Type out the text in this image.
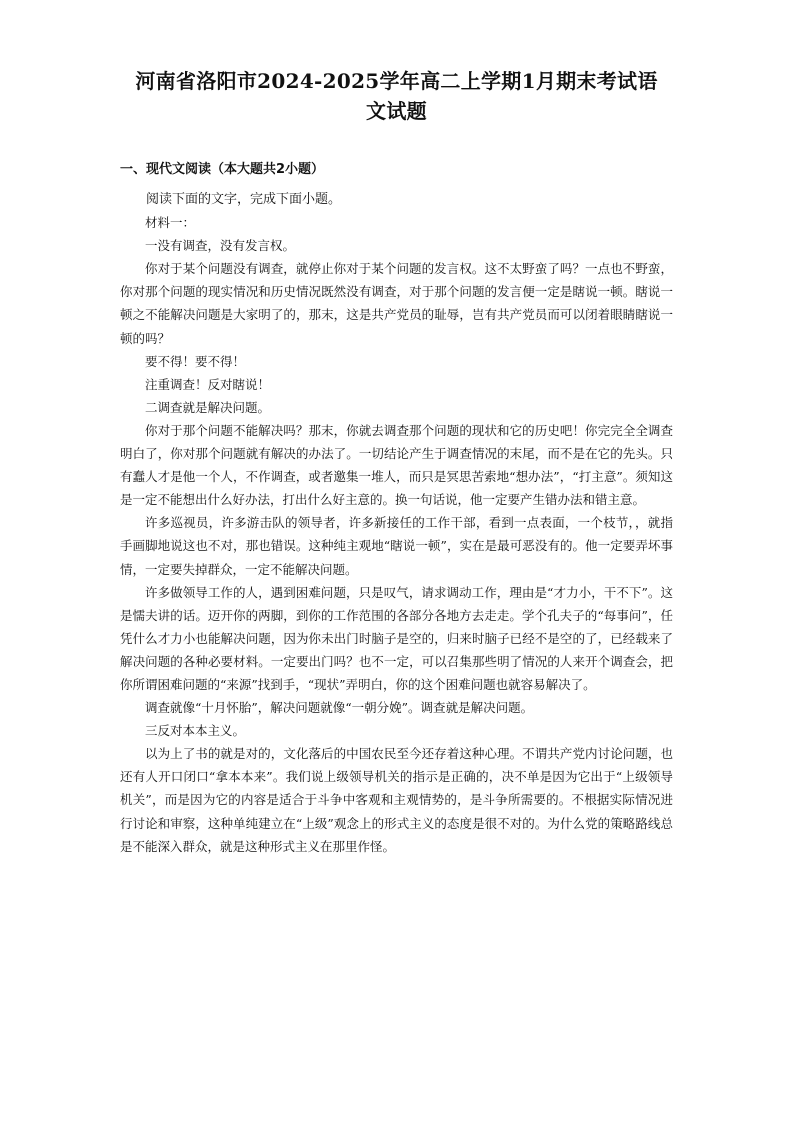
河南省洛阳市2024-2025学年高二上学期1月期末考试语
文试题
一、现代文阅读（本大题共2小题）

阅读下面的文字，完成下面小题。

材料一：

一没有调查，没有发言权。

你对于某个问题没有调查，就停止你对于某个问题的发言权。这不太野蛮了吗？一点也不野蛮，你对那个问题的现实情况和历史情况既然没有调查，对于那个问题的发言便一定是瞎说一顿。瞎说一顿之不能解决问题是大家明了的，那末，这是共产党员的耻辱，岂有共产党员而可以闭着眼睛瞎说一顿的吗？

要不得！要不得！

注重调查！反对瞎说！

二调查就是解决问题。

你对于那个问题不能解决吗？那末，你就去调查那个问题的现状和它的历史吧！你完完全全调查明白了，你对那个问题就有解决的办法了。一切结论产生于调查情况的末尾，而不是在它的先头。只有蠢人才是他一个人，不作调查，或者邀集一堆人，而只是冥思苦索地“想办法”，“打主意”。须知这是一定不能想出什么好办法，打出什么好主意的。换一句话说，他一定要产生错办法和错主意。

许多巡视员，许多游击队的领导者，许多新接任的工作干部，看到一点表面，一个枝节，，就指手画脚地说这也不对，那也错误。这种纯主观地“瞎说一顿”，实在是最可恶没有的。他一定要弄坏事情，一定要失掉群众，一定不能解决问题。

许多做领导工作的人，遇到困难问题，只是叹气，请求调动工作，理由是“才力小，干不下”。这是懦夫讲的话。迈开你的两脚，到你的工作范围的各部分各地方去走走。学个孔夫子的“每事问”，任凭什么才力小也能解决问题，因为你未出门时脑子是空的，归来时脑子已经不是空的了，已经载来了解决问题的各种必要材料。一定要出门吗？也不一定，可以召集那些明了情况的人来开个调查会，把你所谓困难问题的“来源”找到手，“现状”弄明白，你的这个困难问题也就容易解决了。

调查就像“十月怀胎”，解决问题就像“一朝分娩”。调查就是解决问题。

三反对本本主义。

以为上了书的就是对的，文化落后的中国农民至今还存着这种心理。不谓共产党内讨论问题，也还有人开口闭口“拿本本来”。我们说上级领导机关的指示是正确的，决不单是因为它出于“上级领导机关”，而是因为它的内容是适合于斗争中客观和主观情势的，是斗争所需要的。不根据实际情况进行讨论和审察，这种单纯建立在“上级”观念上的形式主义的态度是很不对的。为什么党的策略路线总是不能深入群众，就是这种形式主义在那里作怪。
